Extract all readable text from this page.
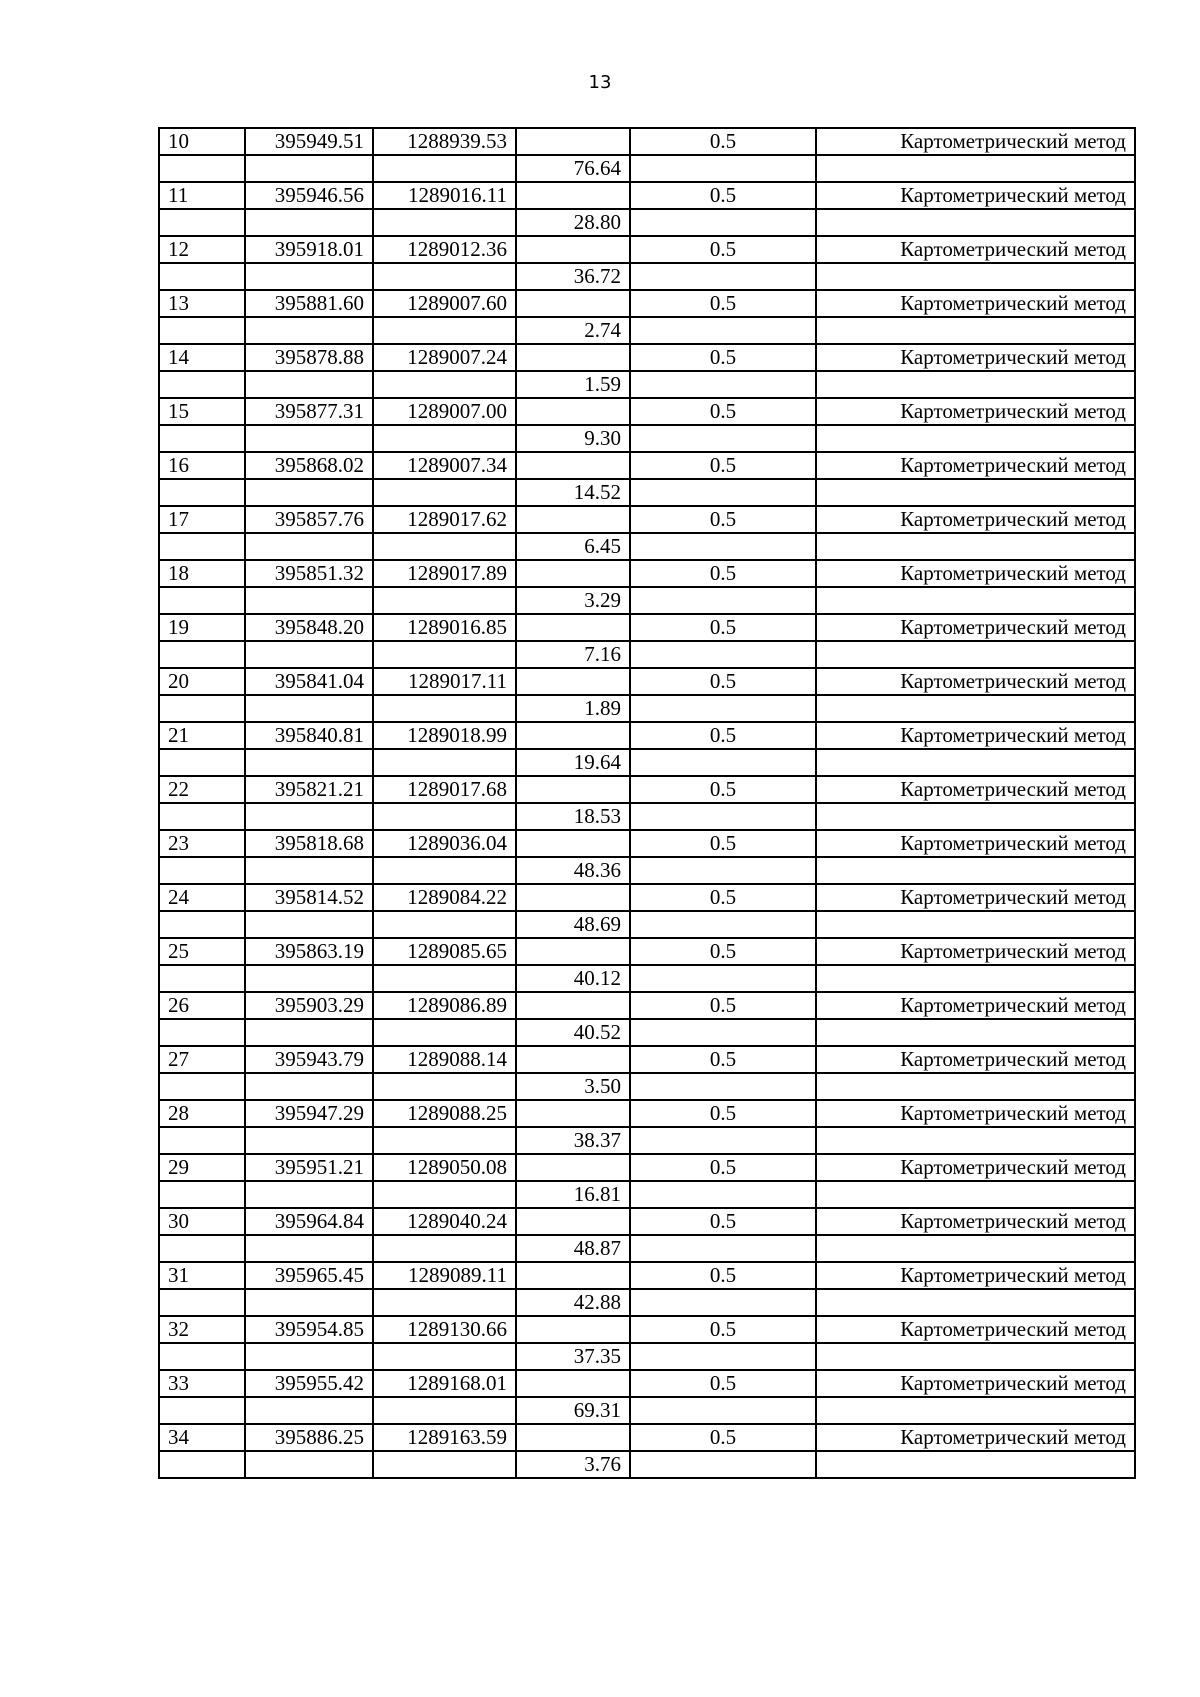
13
10	395949.51	1288939.53		0.5	Картометрический метод
			76.64		
11	395946.56	1289016.11		0.5	Картометрический метод
			28.80		
12	395918.01	1289012.36		0.5	Картометрический метод
			36.72		
13	395881.60	1289007.60		0.5	Картометрический метод
			2.74		
14	395878.88	1289007.24		0.5	Картометрический метод
			1.59		
15	395877.31	1289007.00		0.5	Картометрический метод
			9.30		
16	395868.02	1289007.34		0.5	Картометрический метод
			14.52		
17	395857.76	1289017.62		0.5	Картометрический метод
			6.45		
18	395851.32	1289017.89		0.5	Картометрический метод
			3.29		
19	395848.20	1289016.85		0.5	Картометрический метод
			7.16		
20	395841.04	1289017.11		0.5	Картометрический метод
			1.89		
21	395840.81	1289018.99		0.5	Картометрический метод
			19.64		
22	395821.21	1289017.68		0.5	Картометрический метод
			18.53		
23	395818.68	1289036.04		0.5	Картометрический метод
			48.36		
24	395814.52	1289084.22		0.5	Картометрический метод
			48.69		
25	395863.19	1289085.65		0.5	Картометрический метод
			40.12		
26	395903.29	1289086.89		0.5	Картометрический метод
			40.52		
27	395943.79	1289088.14		0.5	Картометрический метод
			3.50		
28	395947.29	1289088.25		0.5	Картометрический метод
			38.37		
29	395951.21	1289050.08		0.5	Картометрический метод
			16.81		
30	395964.84	1289040.24		0.5	Картометрический метод
			48.87		
31	395965.45	1289089.11		0.5	Картометрический метод
			42.88		
32	395954.85	1289130.66		0.5	Картометрический метод
			37.35		
33	395955.42	1289168.01		0.5	Картометрический метод
			69.31		
34	395886.25	1289163.59		0.5	Картометрический метод
			3.76		
